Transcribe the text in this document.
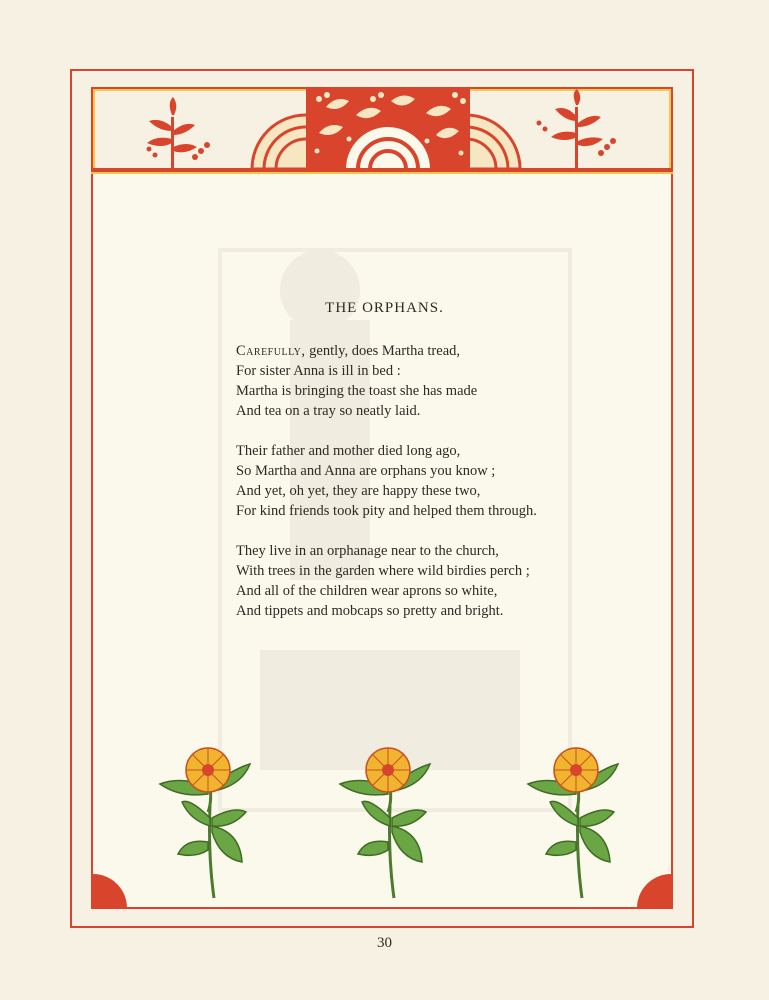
THE ORPHANS.

Carefully, gently, does Martha tread,
For sister Anna is ill in bed :
Martha is bringing the toast she has made
And tea on a tray so neatly laid.

Their father and mother died long ago,
So Martha and Anna are orphans you know ;
And yet, oh yet, they are happy these two,
For kind friends took pity and helped them through.

They live in an orphanage near to the church,
With trees in the garden where wild birdies perch ;
And all of the children wear aprons so white,
And tippets and mobcaps so pretty and bright.

30
